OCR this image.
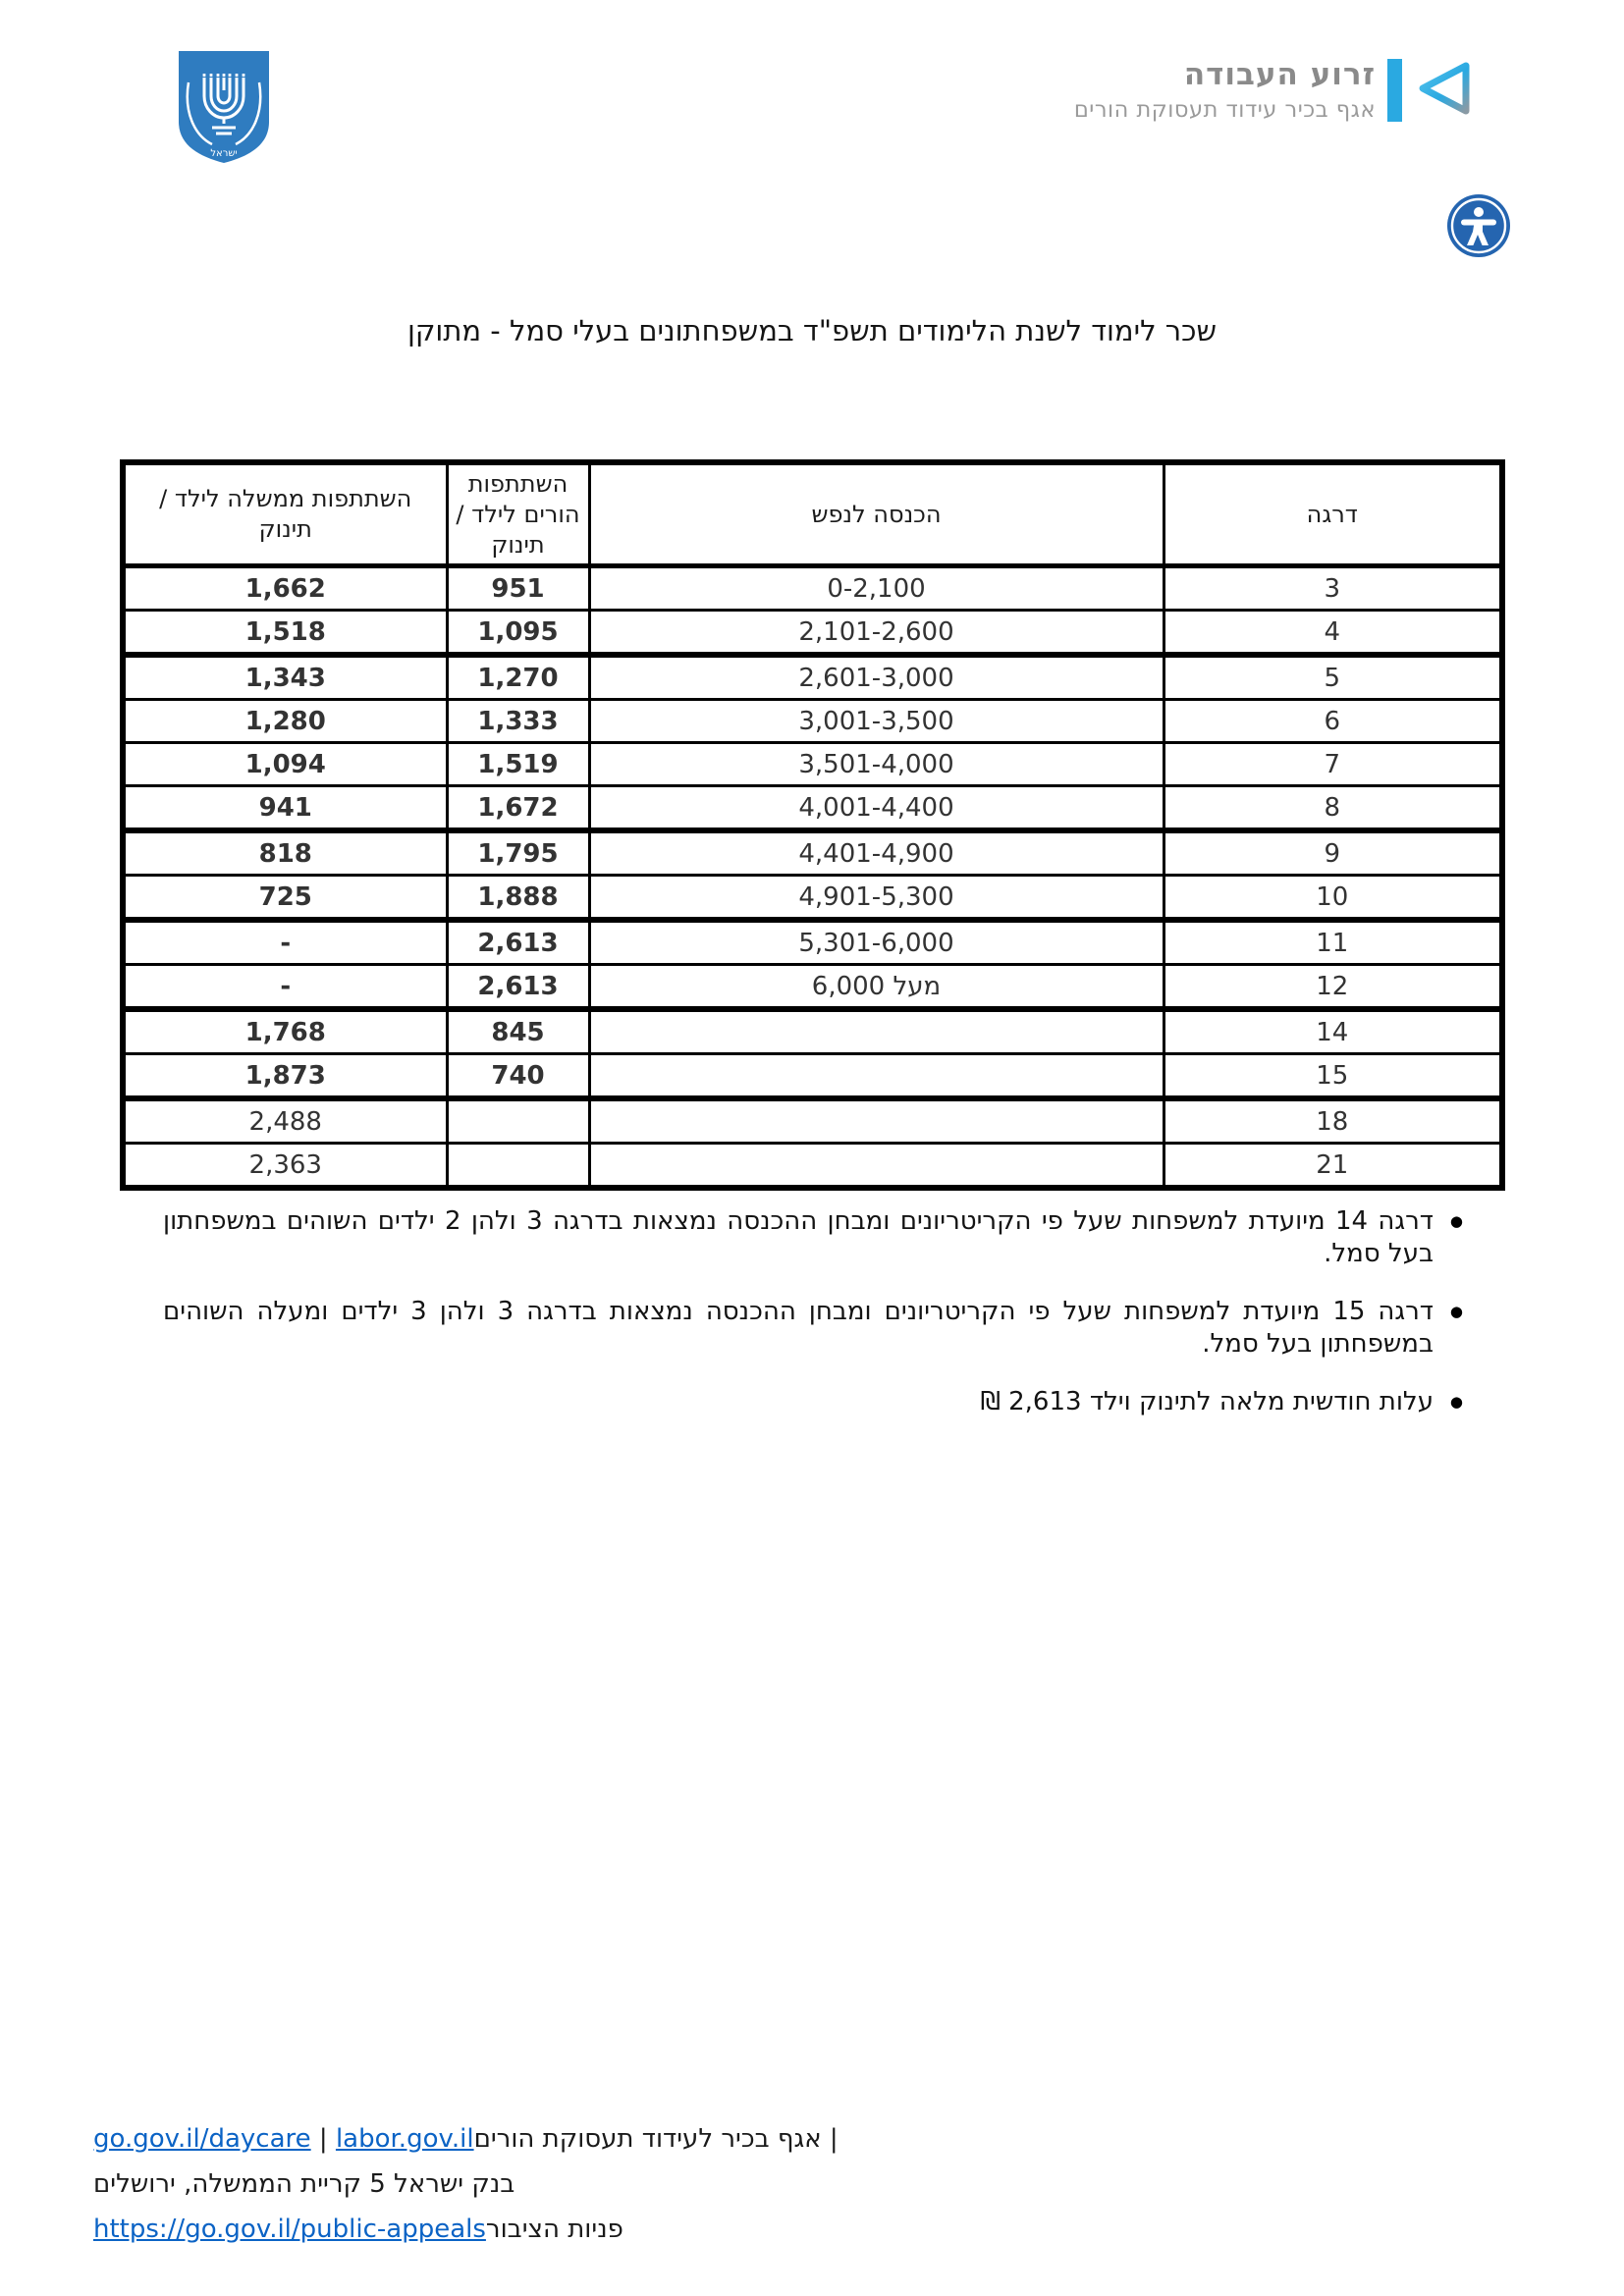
ישראל
זרוע העבודה
אגף בכיר עידוד תעסוקת הורים
שכר לימוד לשנת הלימודים תשפ"ד במשפחתונים בעלי סמל - מתוקן
דרגה	הכנסה לנפש	השתתפות הורים לילד / תינוק	השתתפות ממשלה לילד / תינוק
3	0-2,100	951	1,662
4	2,101-2,600	1,095	1,518
5	2,601-3,000	1,270	1,343
6	3,001-3,500	1,333	1,280
7	3,501-4,000	1,519	1,094
8	4,001-4,400	1,672	941
9	4,401-4,900	1,795	818
10	4,901-5,300	1,888	725
11	5,301-6,000	2,613	-
12	מעל 6,000	2,613	-
14		845	1,768
15		740	1,873
18			2,488
21			2,363
●
דרגה 14 מיועדת למשפחות שעל פי הקריטריונים ומבחן ההכנסה נמצאות בדרגה 3 ולהן 2 ילדים השוהים במשפחתון בעל סמל.
●
דרגה 15 מיועדת למשפחות שעל פי הקריטריונים ומבחן ההכנסה נמצאות בדרגה 3 ולהן 3 ילדים ומעלה השוהים במשפחתון בעל סמל.
●
עלות חודשית מלאה לתינוק וילד 2,613 ₪
| אגף בכיר לעידוד תעסוקת הוריםlabor.gov.il | go.gov.il/daycare
בנק ישראל 5 קריית הממשלה, ירושלים
פניות הציבורhttps://go.gov.il/public-appeals
